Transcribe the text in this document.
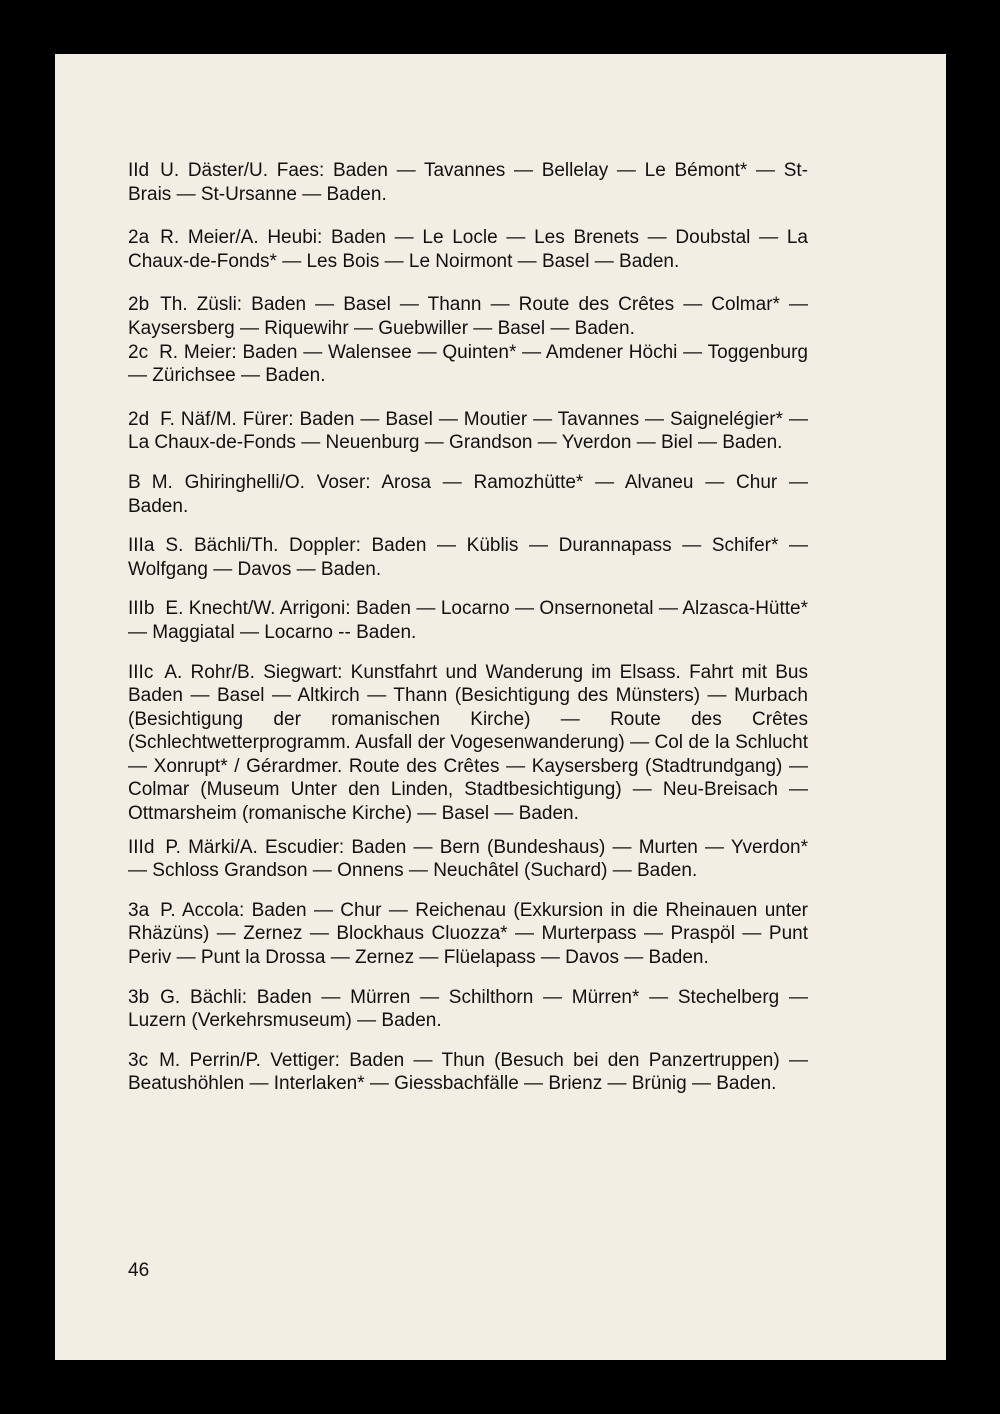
IId U. Däster/U. Faes: Baden — Tavannes — Bellelay — Le Bémont* — St-Brais — St-Ursanne — Baden.

2a R. Meier/A. Heubi: Baden — Le Locle — Les Brenets — Doubstal — La Chaux-de-Fonds* — Les Bois — Le Noirmont — Basel — Baden.

2b Th. Züsli: Baden — Basel — Thann — Route des Crêtes — Colmar* — Kaysersberg — Riquewihr — Guebwiller — Basel — Baden.

2c R. Meier: Baden — Walensee — Quinten* — Amdener Höchi — Toggenburg — Zürichsee — Baden.

2d F. Näf/M. Fürer: Baden — Basel — Moutier — Tavannes — Saignelégier* — La Chaux-de-Fonds — Neuenburg — Grandson — Yverdon — Biel — Baden.

B M. Ghiringhelli/O. Voser: Arosa — Ramozhütte* — Alvaneu — Chur — Baden.

IIIa S. Bächli/Th. Doppler: Baden — Küblis — Durannapass — Schifer* — Wolfgang — Davos — Baden.

IIIb E. Knecht/W. Arrigoni: Baden — Locarno — Onsernonetal — Alzasca-Hütte* — Maggiatal — Locarno -- Baden.

IIIc A. Rohr/B. Siegwart: Kunstfahrt und Wanderung im Elsass. Fahrt mit Bus Baden — Basel — Altkirch — Thann (Besichtigung des Münsters) — Murbach (Besichtigung der romanischen Kirche) — Route des Crêtes (Schlechtwetterprogramm. Ausfall der Vogesenwanderung) — Col de la Schlucht — Xonrupt* / Gérardmer. Route des Crêtes — Kaysersberg (Stadtrundgang) — Colmar (Museum Unter den Linden, Stadtbesichtigung) — Neu-Breisach — Ottmarsheim (romanische Kirche) — Basel — Baden.

IIId P. Märki/A. Escudier: Baden — Bern (Bundeshaus) — Murten — Yverdon* — Schloss Grandson — Onnens — Neuchâtel (Suchard) — Baden.

3a P. Accola: Baden — Chur — Reichenau (Exkursion in die Rheinauen unter Rhäzüns) — Zernez — Blockhaus Cluozza* — Murterpass — Praspöl — Punt Periv — Punt la Drossa — Zernez — Flüelapass — Davos — Baden.

3b G. Bächli: Baden — Mürren — Schilthorn — Mürren* — Stechelberg — Luzern (Verkehrsmuseum) — Baden.

3c M. Perrin/P. Vettiger: Baden — Thun (Besuch bei den Panzertruppen) — Beatushöhlen — Interlaken* — Giessbachfälle — Brienz — Brünig — Baden.

46
